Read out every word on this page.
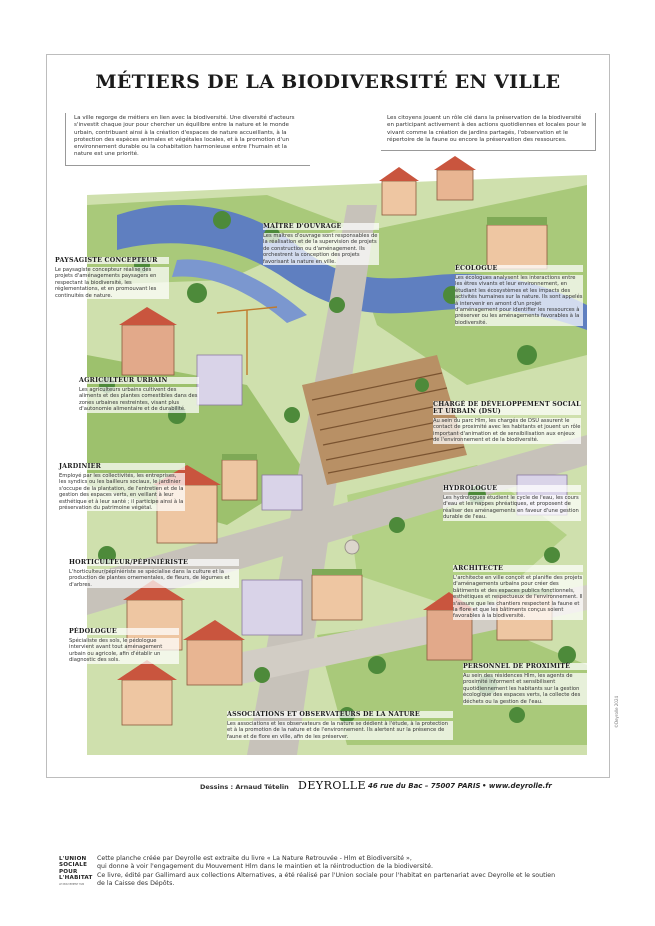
MÉTIERS DE LA BIODIVERSITÉ EN VILLE
La ville regorge de métiers en lien avec la biodiversité. Une diversité d'acteurs s'investit chaque jour pour chercher un équilibre entre la nature et le monde urbain, contribuant ainsi à la création d'espaces de nature accueillants, à la protection des espèces animales et végétales locales, et à la promotion d'un environnement durable ou la cohabitation harmonieuse entre l'humain et la nature est une priorité.
Les citoyens jouent un rôle clé dans la préservation de la biodiversité en participant activement à des actions quotidiennes et locales pour le vivant comme la création de jardins partagés, l'observation et le répertoire de la faune ou encore la préservation des ressources.
MAÎTRE D'OUVRAGE
Les maîtres d'ouvrage sont responsables de la réalisation et de la supervision de projets de construction ou d'aménagement. Ils orchestrent la conception des projets favorisant la nature en ville.
PAYSAGISTE CONCEPTEUR
Le paysagiste concepteur réalise des projets d'aménagements paysagers en respectant la biodiversité, les réglementations, et en promouvant les continuités de nature.
ÉCOLOGUE
Les écologues analysent les interactions entre les êtres vivants et leur environnement, en étudiant les écosystèmes et les impacts des activités humaines sur la nature. Ils sont appelés à intervenir en amont d'un projet d'aménagement pour identifier les ressources à préserver ou les aménagements favorables à la biodiversité.
AGRICULTEUR URBAIN
Les agriculteurs urbains cultivent des aliments et des plantes comestibles dans des zones urbaines restreintes, visant plus d'autonomie alimentaire et de durabilité.
CHARGÉ DE DÉVELOPPEMENT SOCIAL ET URBAIN (DSU)
Au sein du parc Hlm, les chargés de DSU assurent le contact de proximité avec les habitants et jouent un rôle important d'animation et de sensibilisation aux enjeux de l'environnement et de la biodiversité.
JARDINIER
Employé par les collectivités, les entreprises, les syndics ou les bailleurs sociaux, le jardinier s'occupe de la plantation, de l'entretien et de la gestion des espaces verts, en veillant à leur esthétique et à leur santé ; il participe ainsi à la préservation du patrimoine végétal.
HYDROLOGUE
Les hydrologues étudient le cycle de l'eau, les cours d'eau et les nappes phréatiques, et proposent de réaliser des aménagements en faveur d'une gestion durable de l'eau.
HORTICULTEUR/PÉPINIÉRISTE
L'horticulteur/pépiniériste se spécialise dans la culture et la production de plantes ornementales, de fleurs, de légumes et d'arbres.
ARCHITECTE
L'architecte en ville conçoit et planifie des projets d'aménagements urbains pour créer des bâtiments et des espaces publics fonctionnels, esthétiques et respectueux de l'environnement. Il s'assure que les chantiers respectent la faune et la flore et que les bâtiments conçus soient favorables à la biodiversité.
PÉDOLOGUE
Spécialiste des sols, le pédologue intervient avant tout aménagement urbain ou agricole, afin d'établir un diagnostic des sols.
PERSONNEL DE PROXIMITÉ
Au sein des résidences Hlm, les agents de proximité informent et sensibilisent quotidiennement les habitants sur la gestion écologique des espaces verts, la collecte des déchets ou la gestion de l'eau.
ASSOCIATIONS ET OBSERVATEURS DE LA NATURE
Les associations et les observateurs de la nature se dédient à l'étude, à la protection et à la promotion de la nature et de l'environnement. Ils alertent sur la présence de faune et de flore en ville, afin de les préserver.
©Deyrolle 2024
Dessins : Arnaud Tételin DEYROLLE 46 rue du Bac – 75007 PARIS • www.deyrolle.fr
L'UNION
SOCIALE
POUR
L'HABITAT
LE MOUVEMENT HLM
Cette planche créée par Deyrolle est extraite du livre « La Nature Retrouvée - Hlm et Biodiversité »,
qui donne à voir l'engagement du Mouvement Hlm dans le maintien et la réintroduction de la biodiversité.
Ce livre, édité par Gallimard aux collections Alternatives, a été réalisé par l'Union sociale pour l'habitat en partenariat avec Deyrolle et le soutien
de la Caisse des Dépôts.
